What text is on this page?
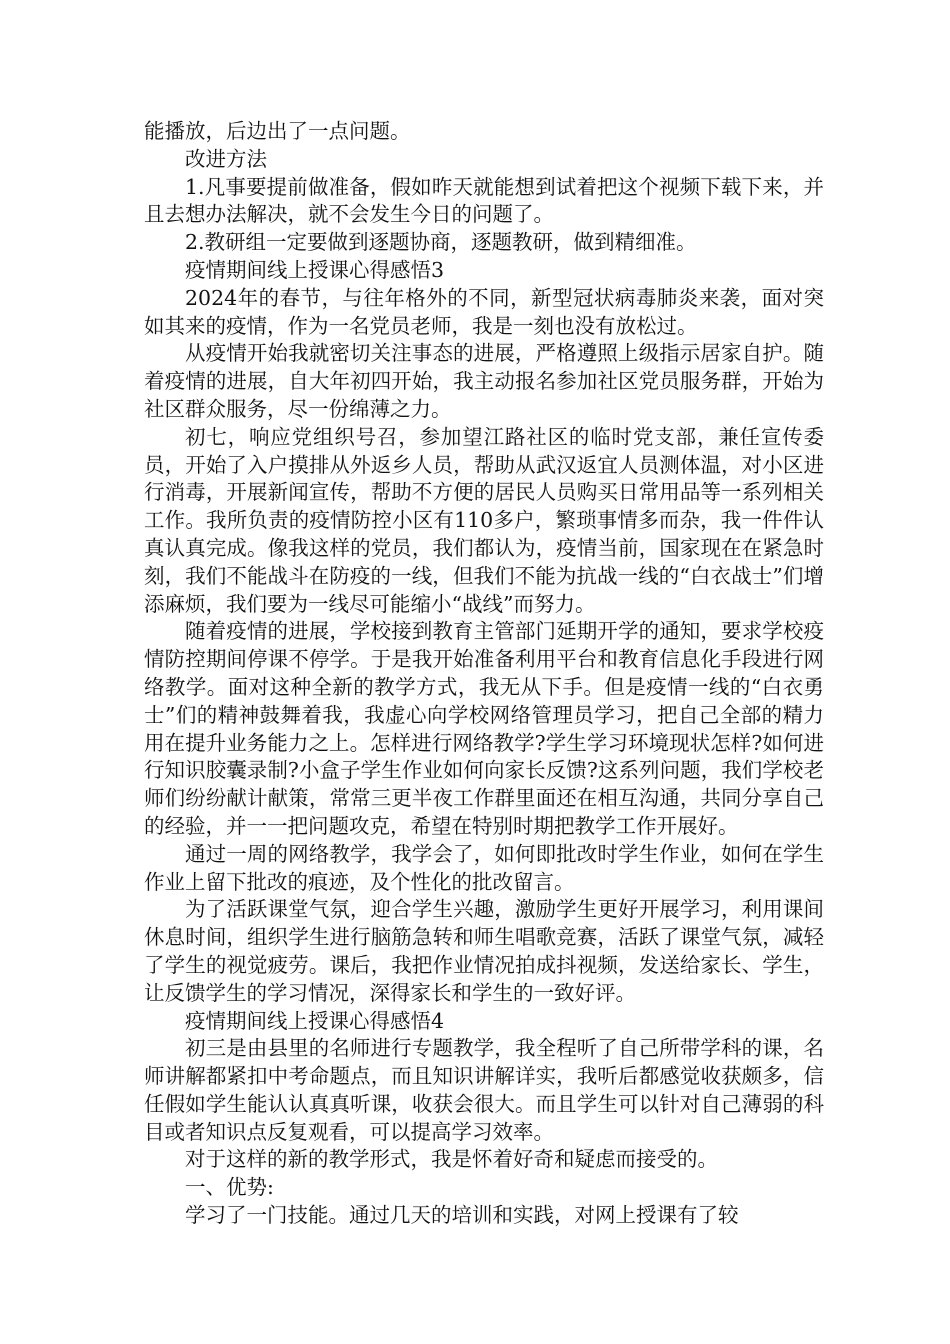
能播放，后边出了一点问题。

改进方法

1.凡事要提前做准备，假如昨天就能想到试着把这个视频下载下来，并且去想办法解决，就不会发生今日的问题了。

2.教研组一定要做到逐题协商，逐题教研，做到精细准。

疫情期间线上授课心得感悟3

2024年的春节，与往年格外的不同，新型冠状病毒肺炎来袭，面对突如其来的疫情，作为一名党员老师，我是一刻也没有放松过。

从疫情开始我就密切关注事态的进展，严格遵照上级指示居家自护。随着疫情的进展，自大年初四开始，我主动报名参加社区党员服务群，开始为社区群众服务，尽一份绵薄之力。

初七，响应党组织号召，参加望江路社区的临时党支部，兼任宣传委员，开始了入户摸排从外返乡人员，帮助从武汉返宜人员测体温，对小区进行消毒，开展新闻宣传，帮助不方便的居民人员购买日常用品等一系列相关工作。我所负责的疫情防控小区有110多户，繁琐事情多而杂，我一件件认真认真完成。像我这样的党员，我们都认为，疫情当前，国家现在在紧急时刻，我们不能战斗在防疫的一线，但我们不能为抗战一线的“白衣战士”们增添麻烦，我们要为一线尽可能缩小“战线”而努力。

随着疫情的进展，学校接到教育主管部门延期开学的通知，要求学校疫情防控期间停课不停学。于是我开始准备利用平台和教育信息化手段进行网络教学。面对这种全新的教学方式，我无从下手。但是疫情一线的“白衣勇士”们的精神鼓舞着我，我虚心向学校网络管理员学习，把自己全部的精力用在提升业务能力之上。怎样进行网络教学?学生学习环境现状怎样?如何进行知识胶囊录制?小盒子学生作业如何向家长反馈?这系列问题，我们学校老师们纷纷献计献策，常常三更半夜工作群里面还在相互沟通，共同分享自己的经验，并一一把问题攻克，希望在特别时期把教学工作开展好。

通过一周的网络教学，我学会了，如何即批改时学生作业，如何在学生作业上留下批改的痕迹，及个性化的批改留言。

为了活跃课堂气氛，迎合学生兴趣，激励学生更好开展学习，利用课间休息时间，组织学生进行脑筋急转和师生唱歌竞赛，活跃了课堂气氛，减轻了学生的视觉疲劳。课后，我把作业情况拍成抖视频，发送给家长、学生，让反馈学生的学习情况，深得家长和学生的一致好评。

疫情期间线上授课心得感悟4

初三是由县里的名师进行专题教学，我全程听了自己所带学科的课，名师讲解都紧扣中考命题点，而且知识讲解详实，我听后都感觉收获颇多，信任假如学生能认认真真听课，收获会很大。而且学生可以针对自己薄弱的科目或者知识点反复观看，可以提高学习效率。

对于这样的新的教学形式，我是怀着好奇和疑虑而接受的。

一、优势:

学习了一门技能。通过几天的培训和实践，对网上授课有了较
